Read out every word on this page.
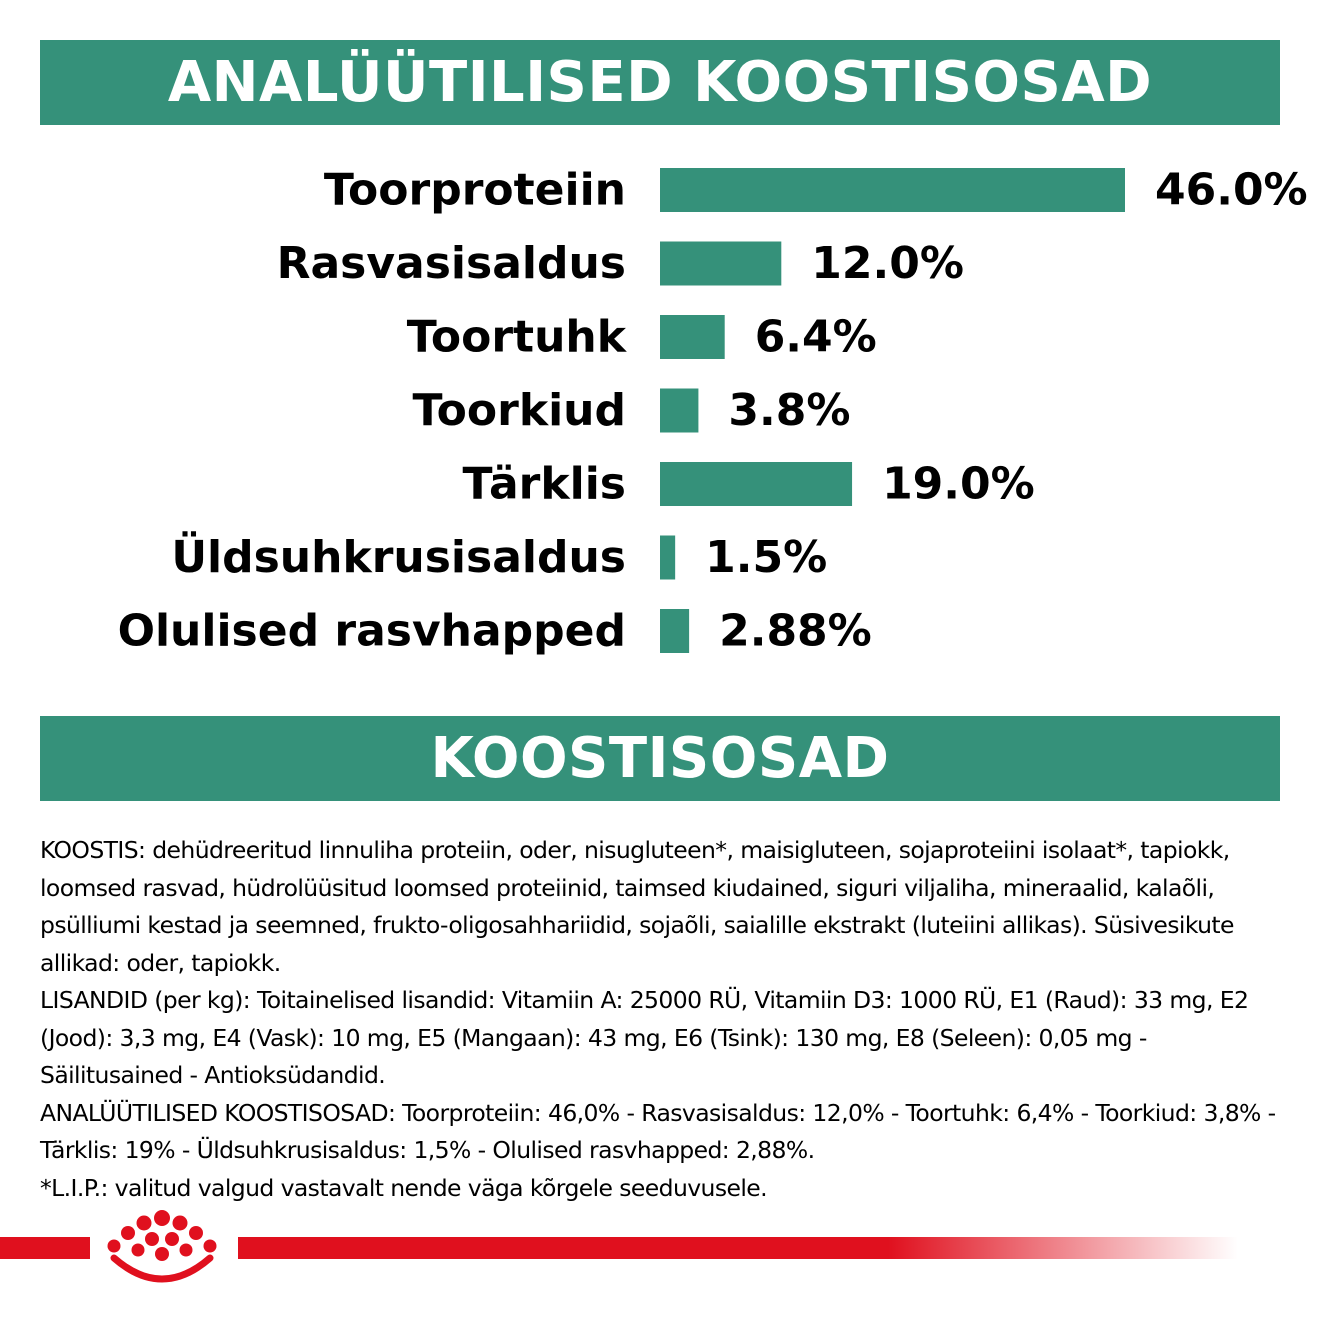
ANALÜÜTILISED KOOSTISOSAD
Toorproteiin	46.0%
Rasvasisaldus	12.0%
Toortuhk	6.4%
Toorkiud 3.8%
Tärklis	19.0%
Üldsuhkrusisaldus 1.5%
Olulised rasvhapped 2.88%
KOOSTISOSAD

KOOSTIS: dehüdreeritud linnuliha proteiin, oder, nisugluteen*, maisigluteen, sojaproteiini isolaat*, tapiokk, loomsed rasvad, hüdrolüüsitud loomsed proteiinid, taimsed kiudained, siguri viljaliha, mineraalid, kalaõli, psülliumi kestad ja seemned, frukto-oligosahhariidid, sojaõli, saialille ekstrakt (luteiini allikas). Süsivesikute allikad: oder, tapiokk.

LISANDID (per kg): Toitainelised lisandid: Vitamiin A: 25000 RÜ, Vitamiin D3: 1000 RÜ, E1 (Raud): 33 mg, E2 (Jood): 3,3 mg, E4 (Vask): 10 mg, E5 (Mangaan): 43 mg, E6 (Tsink): 130 mg, E8 (Seleen): 0,05 mg - Säilitusained - Antioksüdandid.

ANALÜÜTILISED KOOSTISOSAD: Toorproteiin: 46,0% - Rasvasisaldus: 12,0% - Toortuhk: 6,4% - Toorkiud: 3,8% - Tärklis: 19% - Üldsuhkrusisaldus: 1,5% - Olulised rasvhapped: 2,88%.

*L.I.P.: valitud valgud vastavalt nende väga kõrgele seeduvusele.
